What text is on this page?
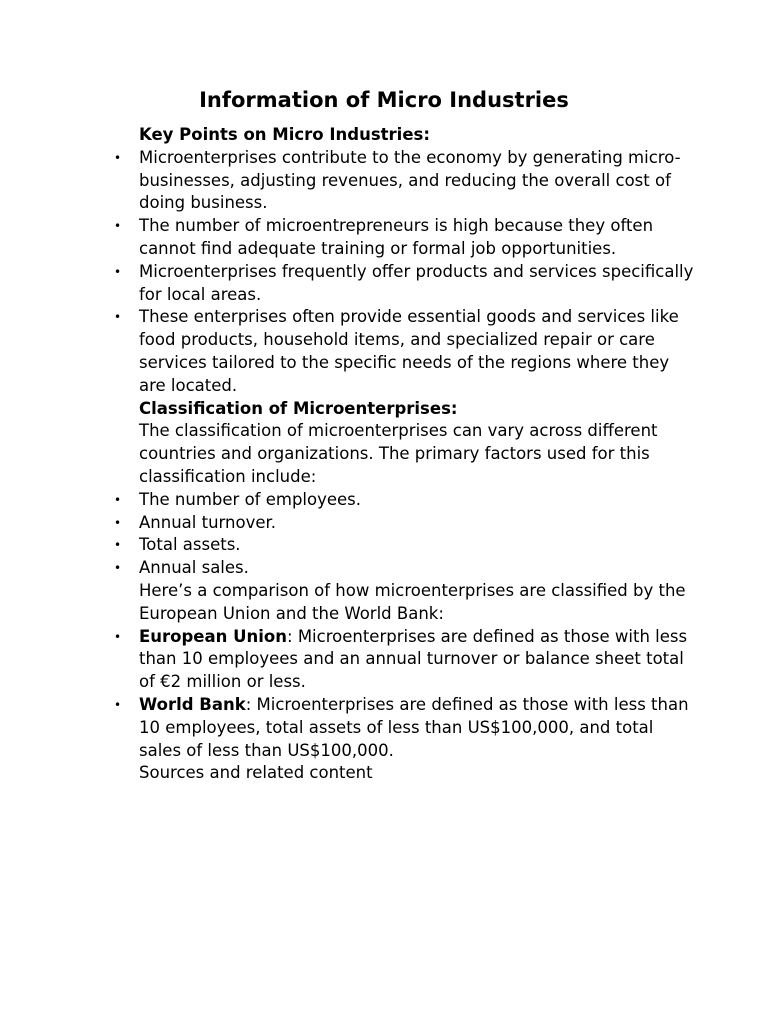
Information of Micro Industries

Key Points on Micro Industries:

• Microenterprises contribute to the economy by generating micro-businesses, adjusting revenues, and reducing the overall cost of doing business.
• The number of microentrepreneurs is high because they often cannot find adequate training or formal job opportunities.
• Microenterprises frequently offer products and services specifically for local areas.
• These enterprises often provide essential goods and services like food products, household items, and specialized repair or care services tailored to the specific needs of the regions where they are located.

Classification of Microenterprises:

The classification of microenterprises can vary across different countries and organizations. The primary factors used for this classification include:

• The number of employees.
• Annual turnover.
• Total assets.
• Annual sales.

Here’s a comparison of how microenterprises are classified by the European Union and the World Bank:

• European Union: Microenterprises are defined as those with less than 10 employees and an annual turnover or balance sheet total of €2 million or less.
• World Bank: Microenterprises are defined as those with less than 10 employees, total assets of less than US$100,000, and total sales of less than US$100,000.

Sources and related content
